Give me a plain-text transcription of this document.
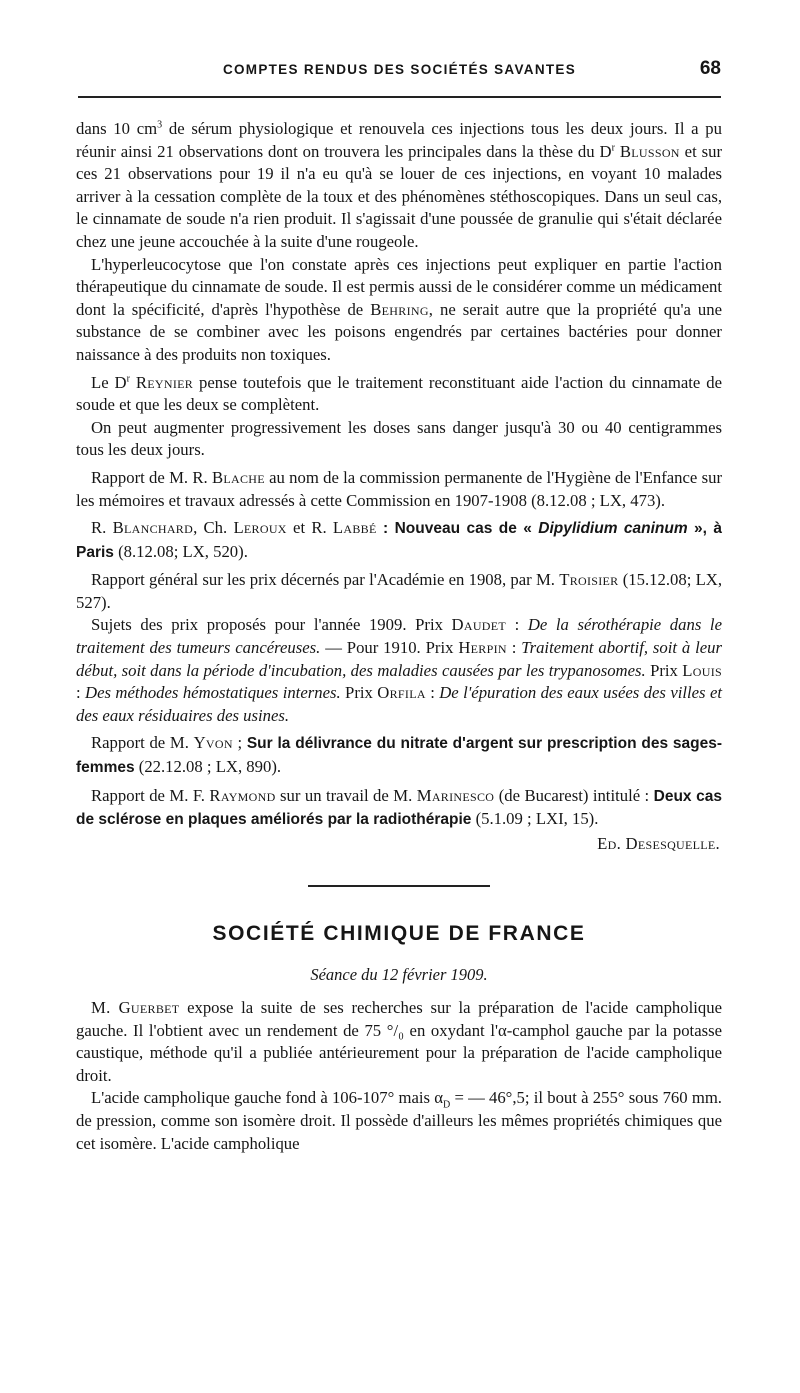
COMPTES RENDUS DES SOCIÉTÉS SAVANTES	68

dans 10 $cm^3$ de sérum physiologique et renouvela ces injections tous les deux jours. Il a pu réunir ainsi 21 observations dont on trouvera les principales dans la thèse du $D^r$ Blusson et sur ces 21 observations pour 19 il n'a eu qu'à se louer de ces injections, en voyant 10 malades arriver à la cessation complète de la toux et des phénomènes stéthoscopiques. Dans un seul cas, le cinnamate de soude n'a rien produit. Il s'agissait d'une poussée de granulie qui s'était déclarée chez une jeune accouchée à la suite d'une rougeole.

L'hyperleucocytose que l'on constate après ces injections peut expliquer en partie l'action thérapeutique du cinnamate de soude. Il est permis aussi de le considérer comme un médicament dont la spécificité, d'après l'hypothèse de Behring, ne serait autre que la propriété qu'a une substance de se combiner avec les poisons engendrés par certaines bactéries pour donner naissance à des produits non toxiques.

Le $D^r$ Reynier pense toutefois que le traitement reconstituant aide l'action du cinnamate de soude et que les deux se complètent.

On peut augmenter progressivement les doses sans danger jusqu'à 30 ou 40 centigrammes tous les deux jours.

Rapport de M. R. Blache au nom de la commission permanente de l'Hygiène de l'Enfance sur les mémoires et travaux adressés à cette Commission en 1907-1908 (8.12.08 ; LX, 473).

R. Blanchard, Ch. Leroux et R. Labbé : Nouveau cas de « Dipylidium caninum », à Paris (8.12.08; LX, 520).

Rapport général sur les prix décernés par l'Académie en 1908, par M. Troisier (15.12.08; LX, 527).

Sujets des prix proposés pour l'année 1909. Prix Daudet : De la sérothérapie dans le traitement des tumeurs cancéreuses. — Pour 1910. Prix Herpin : Traitement abortif, soit à leur début, soit dans la période d'incubation, des maladies causées par les trypanosomes. Prix Louis : Des méthodes hémostatiques internes. Prix Orfila : De l'épuration des eaux usées des villes et des eaux résiduaires des usines.

Rapport de M. Yvon ; Sur la délivrance du nitrate d'argent sur prescription des sages-femmes (22.12.08 ; LX, 890).

Rapport de M. F. Raymond sur un travail de M. Marinesco (de Bucarest) intitulé : Deux cas de sclérose en plaques améliorés par la radiothérapie (5.1.09 ; LXI, 15).

Ed. Desesquelle.

SOCIÉTÉ CHIMIQUE DE FRANCE
Séance du 12 février 1909.

M. Guerbet expose la suite de ses recherches sur la préparation de l'acide campholique gauche. Il l'obtient avec un rendement de 75 °/₀ en oxydant l'α-camphol gauche par la potasse caustique, méthode qu'il a publiée antérieurement pour la préparation de l'acide campholique droit.

L'acide campholique gauche fond à 106-107° mais $\alpha_D$ = — 46°,5; il bout à 255° sous 760 mm. de pression, comme son isomère droit. Il possède d'ailleurs les mêmes propriétés chimiques que cet isomère. L'acide campholique
